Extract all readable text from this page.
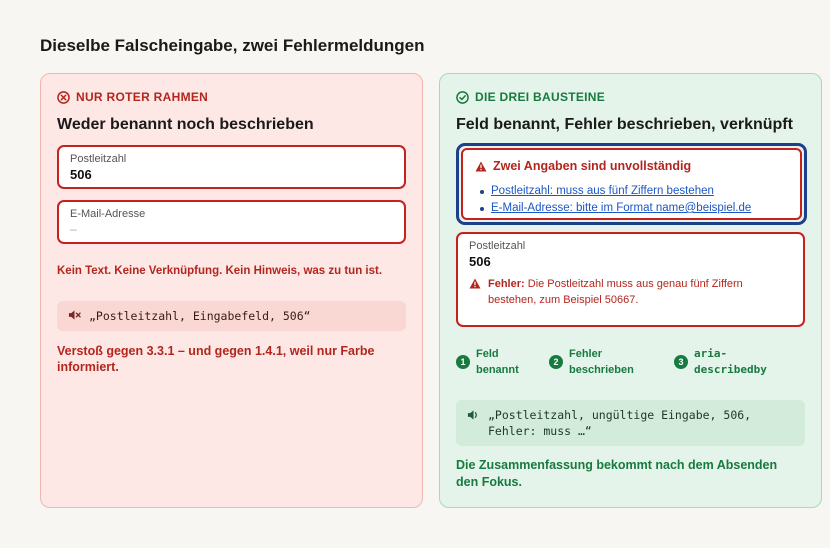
Dieselbe Falscheingabe, zwei Fehlermeldungen
NUR ROTER RAHMEN
Weder benannt noch beschrieben
Postleitzahl
506
E-Mail-Adresse
–
Kein Text. Keine Verknüpfung. Kein Hinweis, was zu tun ist.
„Postleitzahl, Eingabefeld, 506“
Verstoß gegen 3.3.1 – und gegen 1.4.1, weil nur Farbe informiert.
DIE DREI BAUSTEINE
Feld benannt, Fehler beschrieben, verknüpft
Zwei Angaben sind unvollständig
Postleitzahl: muss aus fünf Ziffern bestehen
E-Mail-Adresse: bitte im Format name@beispiel.de
Postleitzahl
506
Fehler: Die Postleitzahl muss aus genau fünf Ziffern bestehen, zum Beispiel 50667.
1
Feld
benannt
2
Fehler
beschrieben
3
aria-
describedby
„Postleitzahl, ungültige Eingabe, 506, Fehler: muss …“
Die Zusammenfassung bekommt nach dem Absenden den Fokus.
